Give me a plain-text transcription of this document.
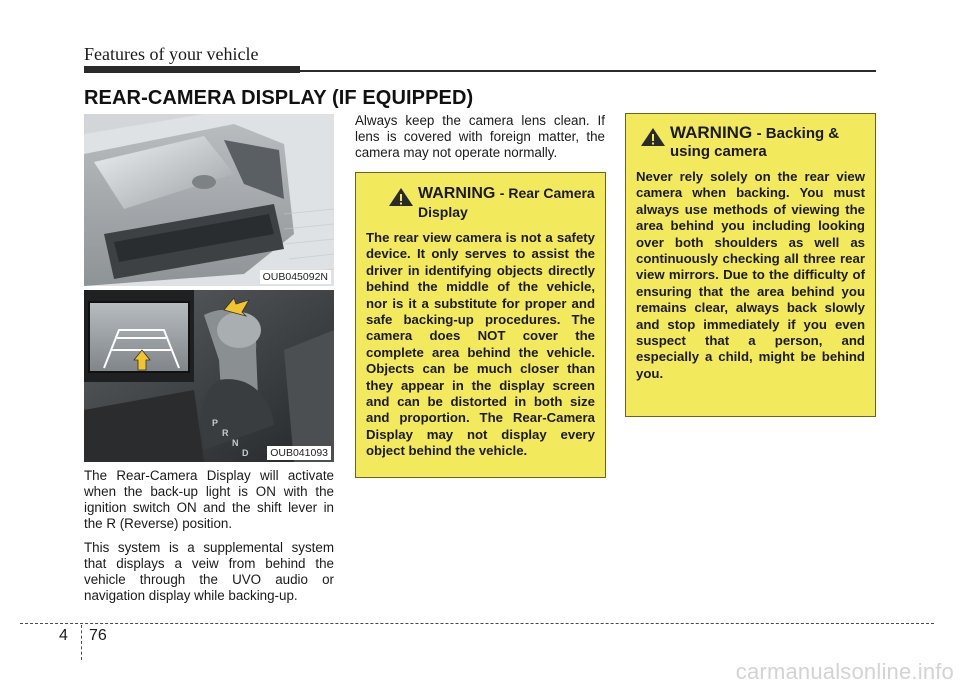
Features of your vehicle
REAR-CAMERA DISPLAY (IF EQUIPPED)
OUB045092N
P
R
N
D OUB041093

The Rear-Camera Display will activate when the back-up light is ON with the ignition switch ON and the shift lever in the R (Reverse) position.

This system is a supplemental system that displays a veiw from behind the vehicle through the UVO audio or navigation display while backing-up.

Always keep the camera lens clean. If lens is covered with foreign matter, the camera may not operate normally.

WARNING - Rear Camera Display
The rear view camera is not a safety device. It only serves to assist the driver in identifying objects directly behind the middle of the vehicle, nor is it a substitute for proper and safe backing-up procedures. The camera does NOT cover the complete area behind the vehicle. Objects can be much closer than they appear in the display screen and can be distorted in both size and proportion. The Rear-Camera Display may not display every object behind the vehicle.
WARNING - Backing & using camera
Never rely solely on the rear view camera when backing. You must always use methods of viewing the area behind you including looking over both shoulders as well as continuously checking all three rear view mirrors. Due to the difficulty of ensuring that the area behind you remains clear, always back slowly and stop immediately if you even suspect that a person, and especially a child, might be behind you.
4 76
carmanualsonline.info
